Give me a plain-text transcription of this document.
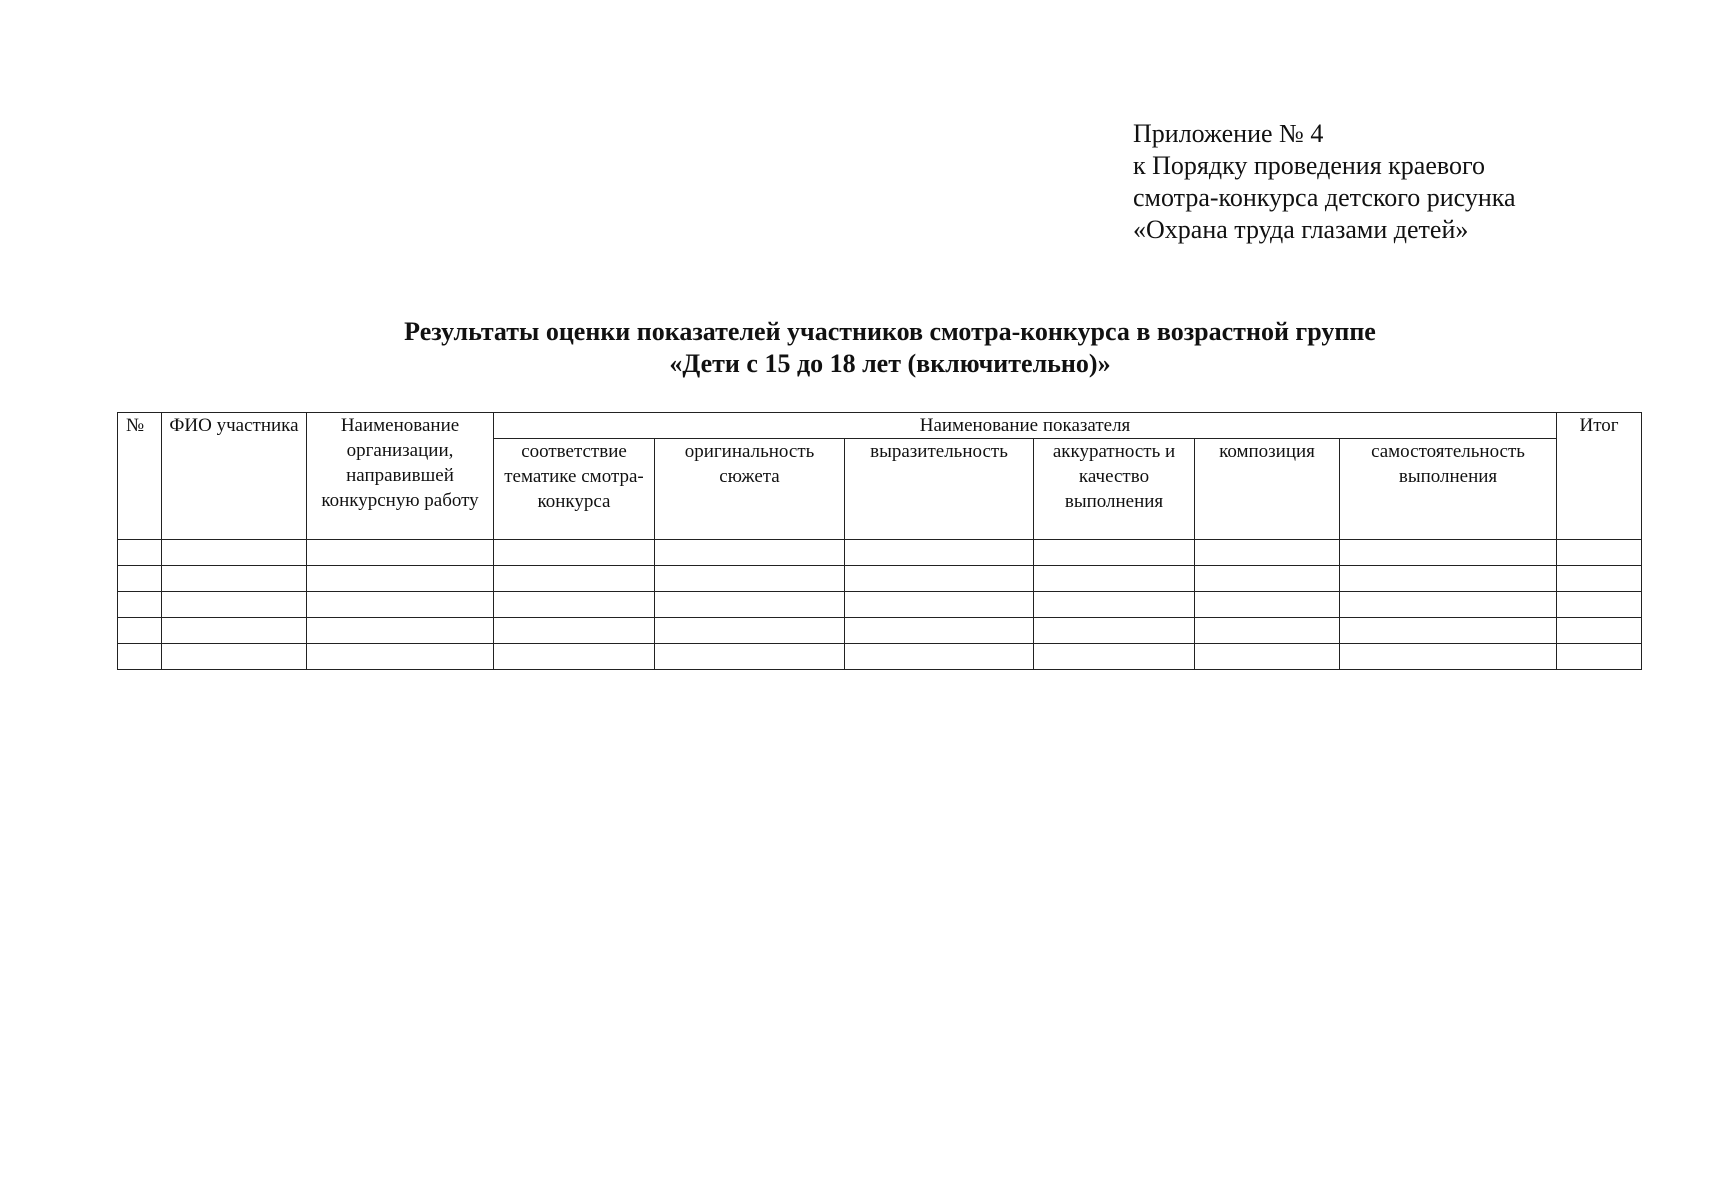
Приложение № 4
к Порядку проведения краевого
смотра-конкурса детского рисунка
«Охрана труда глазами детей»
Результаты оценки показателей участников смотра-конкурса в возрастной группе
«Дети с 15 до 18 лет (включительно)»
№	ФИО участника	Наименование организации, направившей конкурсную работу	Наименование показателя						Итог
			соответствие тематике смотра-конкурса	оригинальность сюжета	выразительность	аккуратность и качество выполнения	композиция	самостоятельность выполнения	
